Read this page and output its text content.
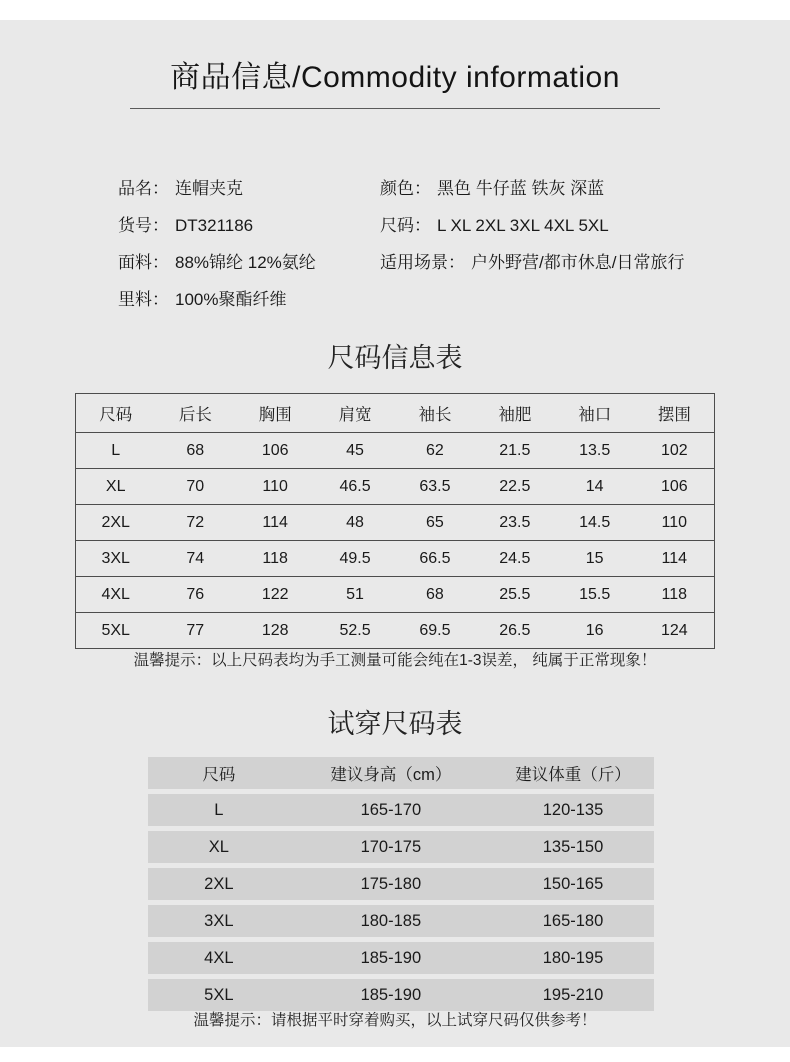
商品信息/Commodity information
品名： 连帽夹克
货号： DT321186
面料： 88%锦纶 12%氨纶
里料： 100%聚酯纤维
颜色： 黑色 牛仔蓝 铁灰 深蓝
尺码： L XL 2XL 3XL 4XL 5XL
适用场景： 户外野营/都市休息/日常旅行
尺码信息表
尺码	后长	胸围	肩宽	袖长	袖肥	袖口	摆围
L	68	106	45	62	21.5	13.5	102
XL	70	110	46.5	63.5	22.5	14	106
2XL	72	114	48	65	23.5	14.5	110
3XL	74	118	49.5	66.5	24.5	15	114
4XL	76	122	51	68	25.5	15.5	118
5XL	77	128	52.5	69.5	26.5	16	124
温馨提示：以上尺码表均为手工测量可能会纯在1-3误差， 纯属于正常现象！
试穿尺码表
尺码	建议身高（cm）	建议体重（斤）
L	165-170	120-135
XL	170-175	135-150
2XL	175-180	150-165
3XL	180-185	165-180
4XL	185-190	180-195
5XL	185-190	195-210
温馨提示：请根据平时穿着购买，以上试穿尺码仅供参考！
